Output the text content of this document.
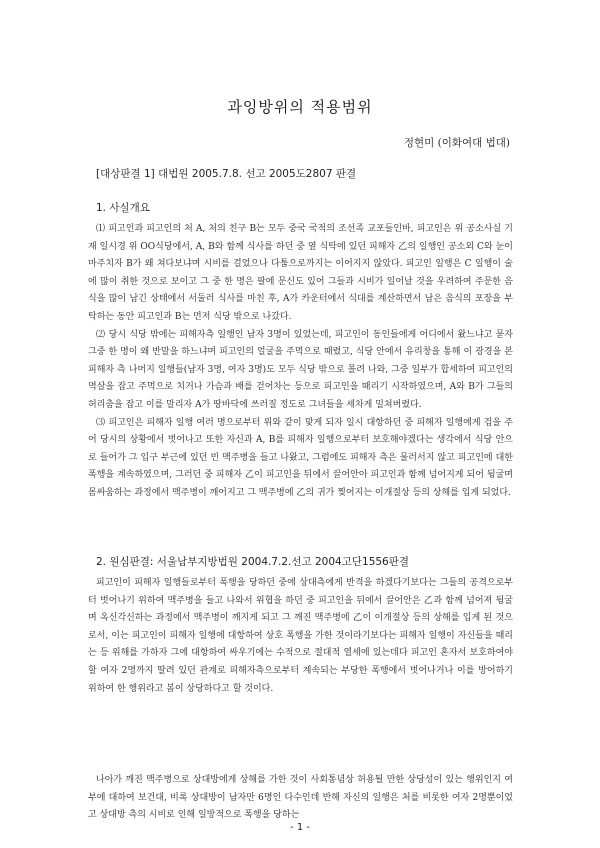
과잉방위의 적용범위
정현미 (이화여대 법대)
[대상판결 1] 대법원 2005.7.8. 선고 2005도2807 판결
1. 사실개요

⑴ 피고인과 피고인의 처 A, 처의 친구 B는 모두 중국 국적의 조선족 교포들인바, 피고인은 위 공소사실 기재 일시경 위 OO식당에서, A, B와 함께 식사를 하던 중 옆 식탁에 있던 피해자 乙의 일행인 공소외 C와 눈이 마주치자 B가 왜 쳐다보냐며 시비를 걸었으나 다툼으로까지는 이어지지 않았다. 피고인 일행은 C 일행이 술에 많이 취한 것으로 보이고 그 중 한 명은 팔에 문신도 있어 그들과 시비가 일어날 것을 우려하여 주문한 음식을 많이 남긴 상태에서 서둘러 식사를 마친 후, A가 카운터에서 식대를 계산하면서 남은 음식의 포장을 부탁하는 동안 피고인과 B는 먼저 식당 밖으로 나갔다.

⑵ 당시 식당 밖에는 피해자측 일행인 남자 3명이 있었는데, 피고인이 동인들에게 어디에서 왔느냐고 묻자 그중 한 명이 왜 반말을 하느냐며 피고인의 얼굴을 주먹으로 때렸고, 식당 안에서 유리창을 통해 이 광경을 본 피해자 측 나머지 일행들(남자 3명, 여자 3명)도 모두 식당 밖으로 몰려 나와, 그중 일부가 합세하여 피고인의 멱살을 잡고 주먹으로 치거나 가슴과 배를 걷어차는 등으로 피고인을 때리기 시작하였으며, A와 B가 그들의 허리춤을 잡고 이를 말리자 A가 땅바닥에 쓰러질 정도로 그녀들을 세차게 밀쳐버렸다.

⑶ 피고인은 피해자 일행 여러 명으로부터 위와 같이 맞게 되자 일시 대항하던 중 피해자 일행에게 겁을 주어 당시의 상황에서 벗어나고 또한 자신과 A, B를 피해자 일행으로부터 보호해야겠다는 생각에서 식당 안으로 들어가 그 입구 부근에 있던 빈 맥주병을 들고 나왔고, 그럼에도 피해자 측은 물러서지 않고 피고인에 대한 폭행을 계속하였으며, 그러던 중 피해자 乙이 피고인을 뒤에서 끌어안아 피고인과 함께 넘어지게 되어 뒹굴며 몸싸움하는 과정에서 맥주병이 깨어지고 그 맥주병에 乙의 귀가 찢어지는 이개절상 등의 상해를 입게 되었다.

2. 원심판결: 서울남부지방법원 2004.7.2.선고 2004고단1556판결

피고인이 피해자 일행들로부터 폭행을 당하던 중에 상대측에게 반격을 하겠다기보다는 그들의 공격으로부터 벗어나기 위하여 맥주병을 들고 나와서 위협을 하던 중 피고인을 뒤에서 끌어안은 乙과 함께 넘어져 뒹굴며 옥신각신하는 과정에서 맥주병이 깨지게 되고 그 깨진 맥주병에 乙이 이개절상 등의 상해를 입게 된 것으로서, 이는 피고인이 피해자 일행에 대항하여 상호 폭행을 가한 것이라기보다는 피해자 일행이 자신들을 때리는 등 위해를 가하자 그에 대항하여 싸우기에는 수적으로 절대적 열세에 있는데다 피고인 혼자서 보호하여야 할 여자 2명까지 딸려 있던 관계로 피해자측으로부터 계속되는 부당한 폭행에서 벗어나거나 이를 방어하기 위하여 한 행위라고 봄이 상당하다고 할 것이다.

나아가 깨진 맥주병으로 상대방에게 상해를 가한 것이 사회통념상 허용될 만한 상당성이 있는 행위인지 여부에 대하여 보건대, 비록 상대방이 남자만 6명인 다수인데 반해 자신의 일행은 처를 비롯한 여자 2명뿐이었고 상대방 측의 시비로 인해 일방적으로 폭행을 당하는

- 1 -
